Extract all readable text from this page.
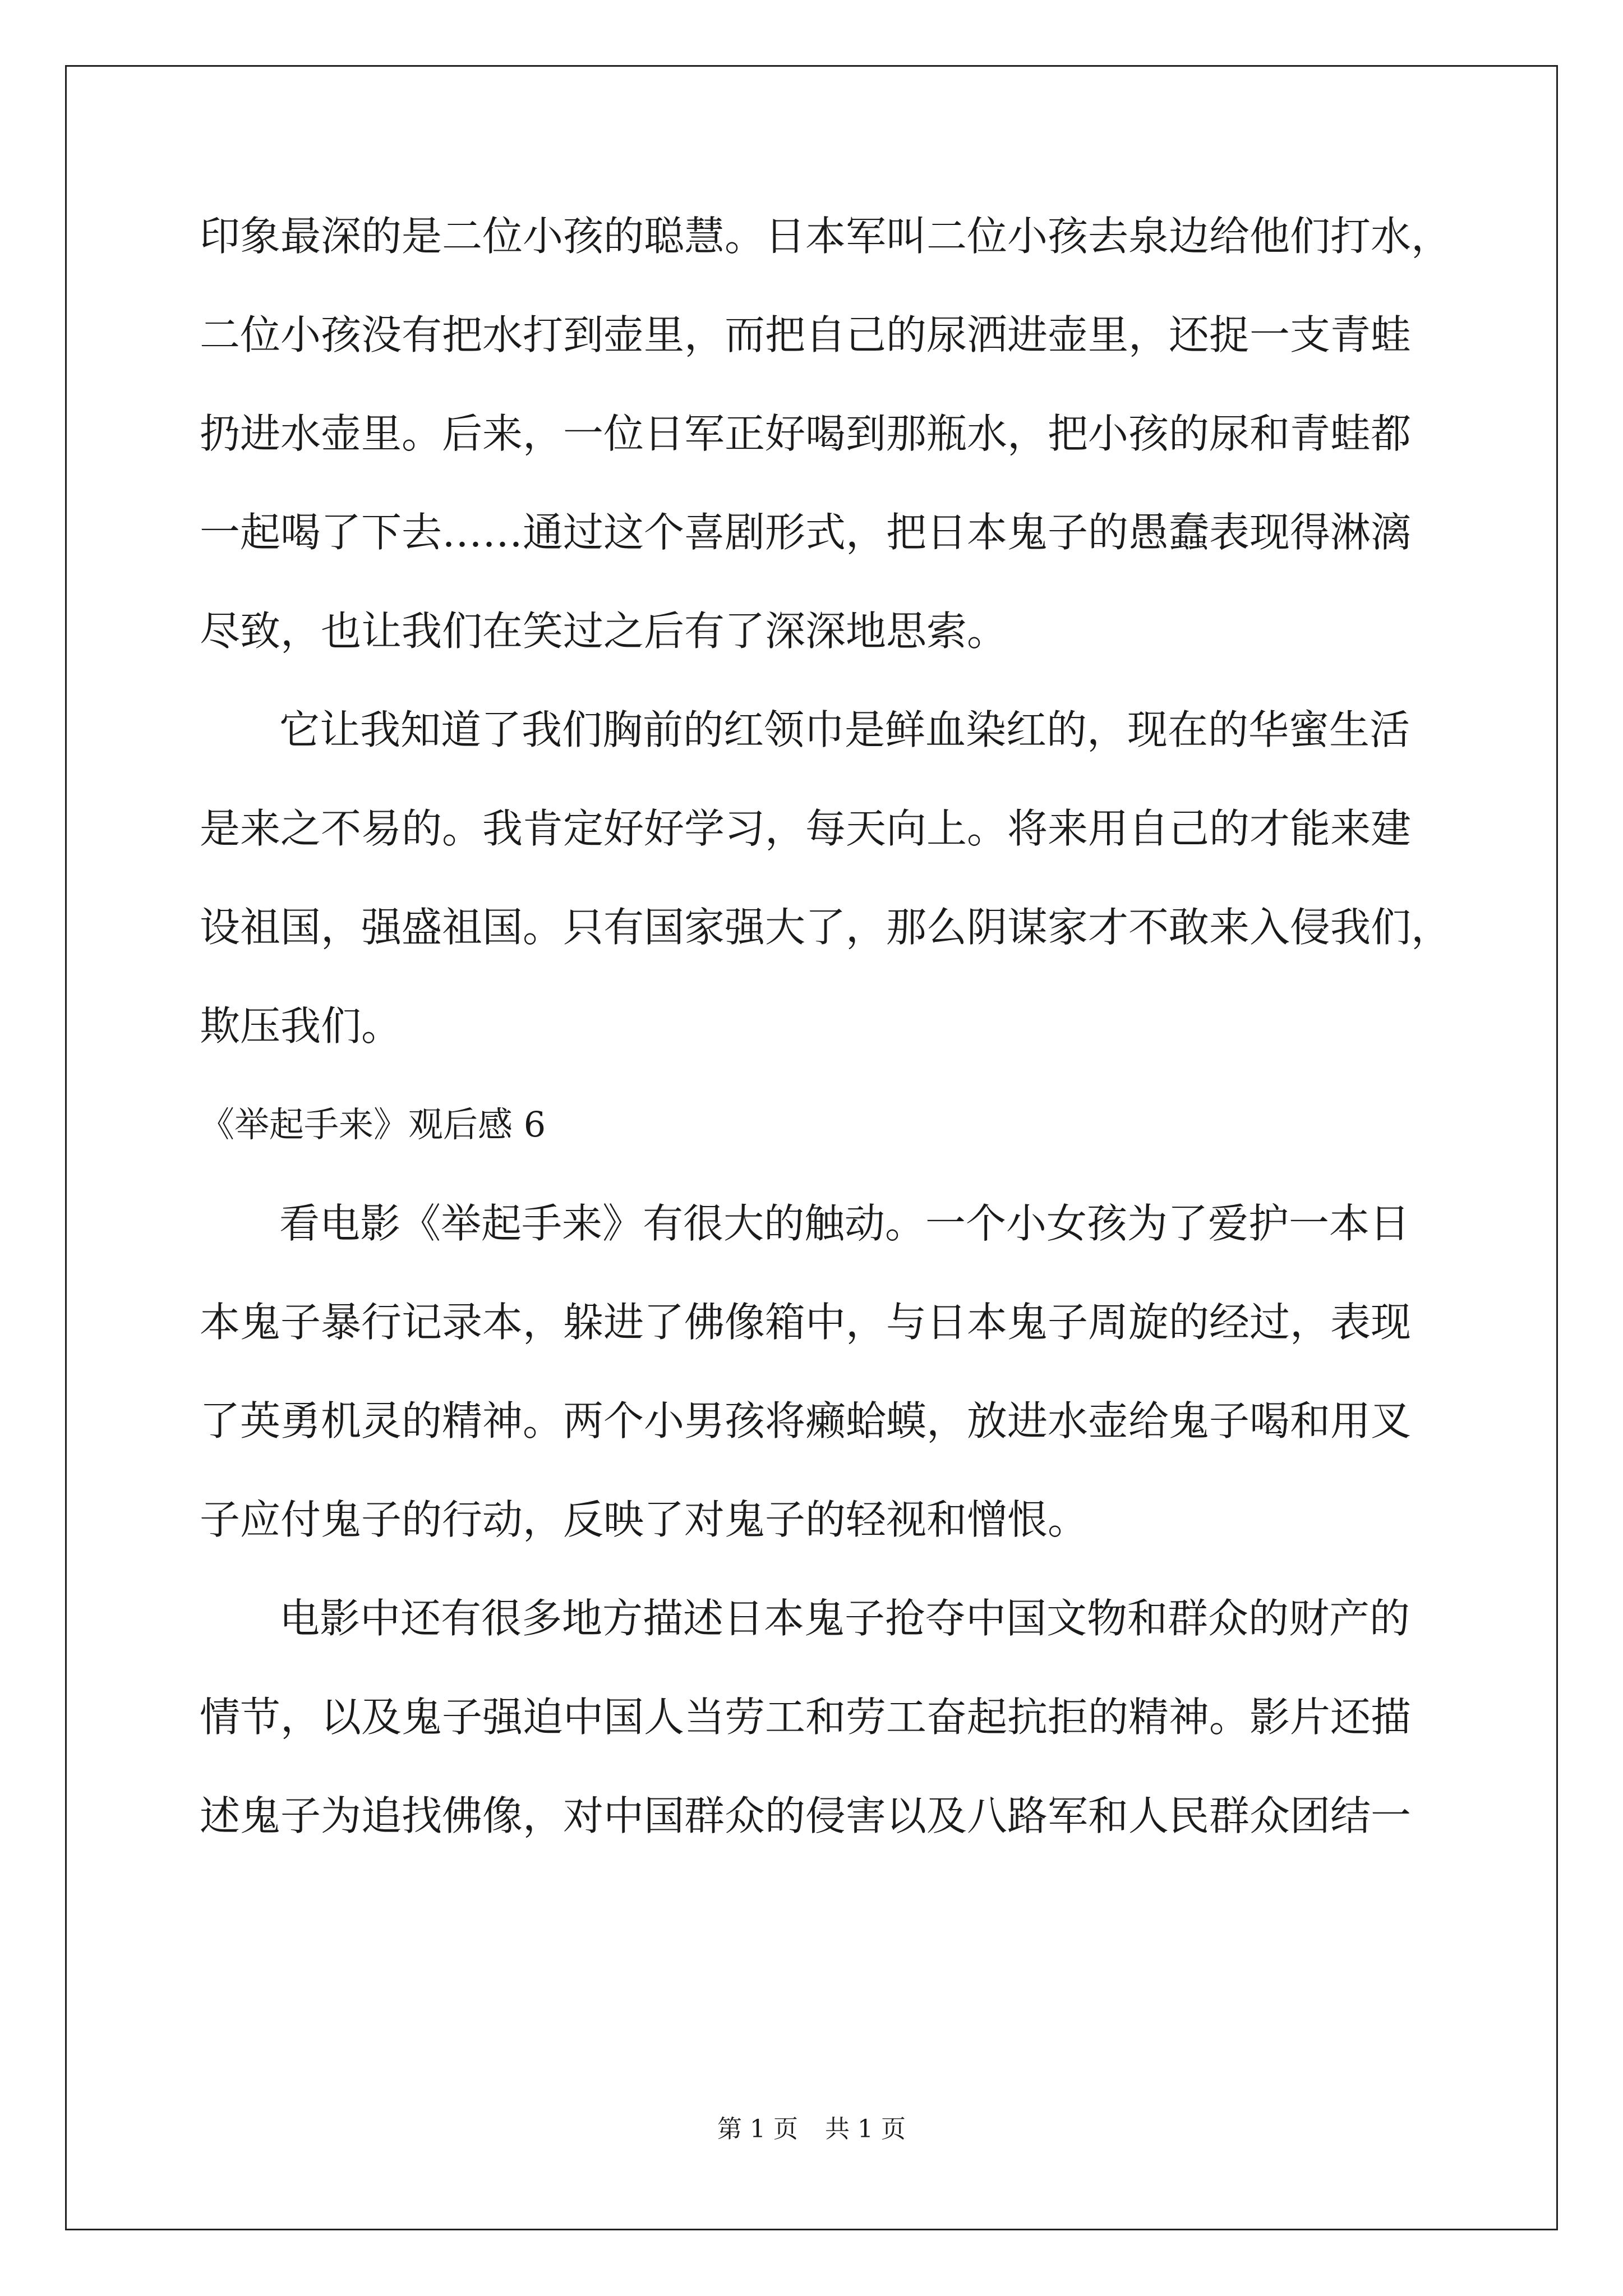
印象最深的是二位小孩的聪慧。日本军叫二位小孩去泉边给他们打水，
二位小孩没有把水打到壶里，而把自己的尿洒进壶里，还捉一支青蛙
扔进水壶里。后来，一位日军正好喝到那瓶水，把小孩的尿和青蛙都
一起喝了下去……通过这个喜剧形式，把日本鬼子的愚蠢表现得淋漓
尽致，也让我们在笑过之后有了深深地思索。
它让我知道了我们胸前的红领巾是鲜血染红的，现在的华蜜生活
是来之不易的。我肯定好好学习，每天向上。将来用自己的才能来建
设祖国，强盛祖国。只有国家强大了，那么阴谋家才不敢来入侵我们，
欺压我们。
《举起手来》观后感 6
看电影《举起手来》有很大的触动。一个小女孩为了爱护一本日
本鬼子暴行记录本，躲进了佛像箱中，与日本鬼子周旋的经过，表现
了英勇机灵的精神。两个小男孩将癞蛤蟆，放进水壶给鬼子喝和用叉
子应付鬼子的行动，反映了对鬼子的轻视和憎恨。
电影中还有很多地方描述日本鬼子抢夺中国文物和群众的财产的
情节，以及鬼子强迫中国人当劳工和劳工奋起抗拒的精神。影片还描
述鬼子为追找佛像，对中国群众的侵害以及八路军和人民群众团结一
第 1 页 共 1 页
